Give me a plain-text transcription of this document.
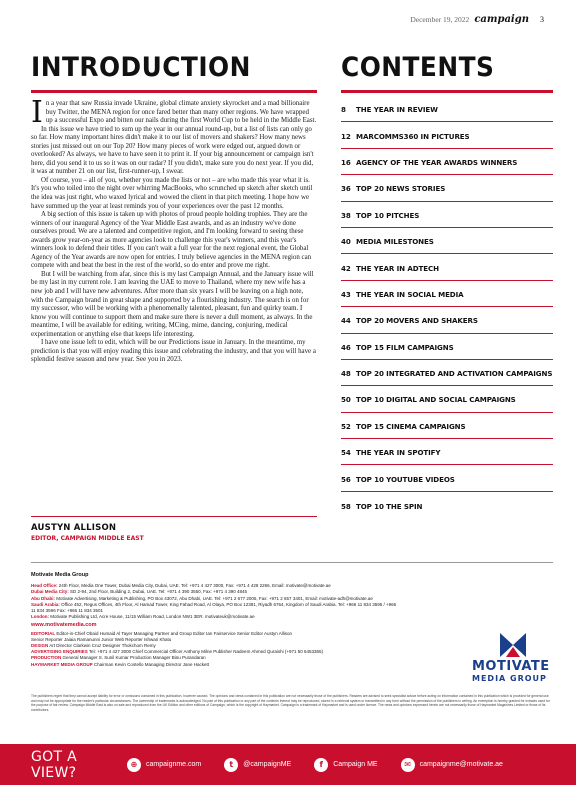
December 19, 2022 campaign 3
INTRODUCTION	CONTENTS

In a year that saw Russia invade Ukraine, global climate anxiety skyrocket and a mad billionaire buy Twitter, the MENA region for once fared better than many other regions. We have wrapped up a successful Expo and bitten our nails during the first World Cup to be held in the Middle East.

In this issue we have tried to sum up the year in our annual round-up, but a list of lists can only go so far. How many important hires didn't make it to our list of movers and shakers? How many news stories just missed out on our Top 20? How many pieces of work were edged out, argued down or overlooked? As always, we have to have seen it to print it. If your big announcement or campaign isn't here, did you send it to us so it was on our radar? If you didn't, make sure you do next year. If you did, it was at number 21 on our list, first-runner-up, I swear.

Of course, you – all of you, whether you made the lists or not – are who made this year what it is. It's you who toiled into the night over whirring MacBooks, who scrunched up sketch after sketch until the idea was just right, who waxed lyrical and wowed the client in that pitch meeting. I hope how we have summed up the year at least reminds you of your experiences over the past 12 months.

A big section of this issue is taken up with photos of proud people holding trophies. They are the winners of our inaugural Agency of the Year Middle East awards, and as an industry we've done ourselves proud. We are a talented and competitive region, and I'm looking forward to seeing these awards grow year-on-year as more agencies look to challenge this year's winners, and this year's winners look to defend their titles. If you can't wait a full year for the next regional event, the Global Agency of the Year awards are now open for entries. I truly believe agencies in the MENA region can compete with and beat the best in the rest of the world, so do enter and prove me right.

But I will be watching from afar, since this is my last Campaign Annual, and the January issue will be my last in my current role. I am leaving the UAE to move to Thailand, where my new wife has a new job and I will have new adventures. After more than six years I will be leaving on a high note, with the Campaign brand in great shape and supported by a flourishing industry. The search is on for my successor, who will be working with a phenomenally talented, pleasant, fun and quirky team. I know you will continue to support them and make sure there is never a dull moment, as always. In the meantime, I will be available for editing, writing, MCing, mime, dancing, conjuring, medical experimentation or anything else that keeps life interesting.

I have one issue left to edit, which will be our Predictions issue in January. In the meantime, my prediction is that you will enjoy reading this issue and celebrating the industry, and that you will have a splendid festive season and new year. See you in 2023.

AUSTYN ALLISON
EDITOR, CAMPAIGN MIDDLE EAST
8	THE YEAR IN REVIEW
12 MARCOMMS360 IN PICTURES
16 AGENCY OF THE YEAR AWARDS WINNERS
36 TOP 20 NEWS STORIES
38 TOP 10 PITCHES
40 MEDIA MILESTONES
42 THE YEAR IN ADTECH
43 THE YEAR IN SOCIAL MEDIA
44 TOP 20 MOVERS AND SHAKERS
46 TOP 15 FILM CAMPAIGNS
48 TOP 20 INTEGRATED AND ACTIVATION CAMPAIGNS
50 TOP 10 DIGITAL AND SOCIAL CAMPAIGNS
52 TOP 15 CINEMA CAMPAIGNS
54 THE YEAR IN SPOTIFY
56 TOP 10 YOUTUBE VIDEOS
58 TOP 10 THE SPIN
Motivate Media Group
Head Office: 24th Floor, Media One Tower, Dubai Media City, Dubai, UAE. Tel: +971 4 427 3000, Fax: +971 4 428 2266, Email: motivate@motivate.ae
Dubai Media City: SD 2-94, 2nd Floor, Building 2, Dubai, UAE. Tel: +971 4 390 3550, Fax: +971 4 390 4845
Abu Dhabi: Motivate Advertising, Marketing & Publishing, PO Box 43072, Abu Dhabi, UAE. Tel: +971 2 677 2005, Fax: +971 2 657 3401, Email: motivate-adh@motivate.ae
Saudi Arabia: Office 452, Regus Offices, 4th Floor, Al Hamad Tower, King Fahad Road, Al Olaya, PO Box 12381, Riyadh 6764, Kingdom of Saudi Arabia. Tel: +966 11 834 3595 / +966 11 834 3596 Fax: +966 11 834 3501
London: Motivate Publishing Ltd, Acre House, 11/15 William Road, London NW1 3ER. motivateuk@motivate.ae
www.motivatemedia.com
EDITORIAL Editor-in-Chief Obaid Humaid Al Tayer Managing Partner and Group Editor Ian Fairservice Senior Editor Austyn Allison
Senior Reporter Jaiaia Ramanunni Junior Web Reporter Ishwari Khatu
DESIGN Art Director Clarkwin Cruz Designer Thokchom Remy
ADVERTISING ENQUIRIES Tel: +971 4 427 3000 Chief Commercial Officer Anthony Milne Publisher Nadeem Ahmed Quraishi (+971 50 6453365)
PRODUCTION General Manager S. Sunil Kumar Production Manager Binu Purandaran
HAYMARKET MEDIA GROUP Chairman Kevin Costello Managing Director Jane Hackett	MOTIVATE
MEDIA GROUP
The publishers regret that they cannot accept liability for error or omissions contained in this publication, however caused. The opinions and views contained in this publication are not necessarily those of the publishers. Readers are advised to seek specialist advice before acting on information contained in this publication which is provided for general use and may not be appropriate for the reader's particular circumstances. The ownership of trademarks is acknowledged. No part of this publication or any part of the contents thereof may be reproduced, stored in a retrieval system or transmitted in any form without the permission of the publishers in writing. An exemption is hereby granted for extracts used for the purpose of fair review. Campaign Middle East is also on sale and reproduced from the UK Edition and other editions of Campaign, which is the copyright of Haymarket. Campaign is a trademark of Haymarket and is used under licence. The news and opinions expressed herein are not necessarily those of Haymarket Magazines Limited or those of its contributors.
GOT A VIEW?	⊕	campaignme.com	t	@campaignME	f	Campaign ME	✉	campaignme@motivate.ae
